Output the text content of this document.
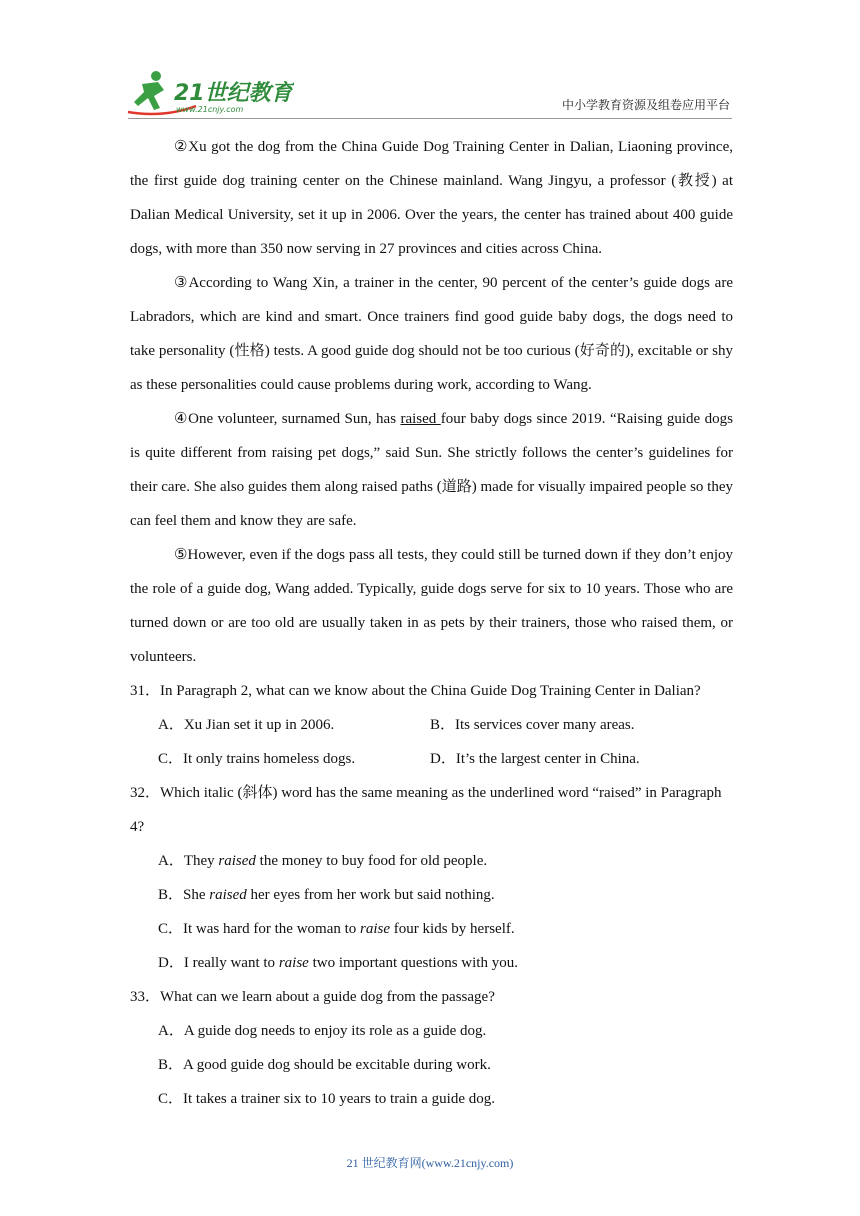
21世纪教育
www.21cnjy.com	中小学教育资源及组卷应用平台

②Xu got the dog from the China Guide Dog Training Center in Dalian, Liaoning province, the first guide dog training center on the Chinese mainland. Wang Jingyu, a professor (教授) at Dalian Medical University, set it up in 2006. Over the years, the center has trained about 400 guide dogs, with more than 350 now serving in 27 provinces and cities across China.

③According to Wang Xin, a trainer in the center, 90 percent of the center’s guide dogs are Labradors, which are kind and smart. Once trainers find good guide baby dogs, the dogs need to take personality (性格) tests. A good guide dog should not be too curious (好奇的), excitable or shy as these personalities could cause problems during work, according to Wang.

④One volunteer, surnamed Sun, has raised four baby dogs since 2019. “Raising guide dogs is quite different from raising pet dogs,” said Sun. She strictly follows the center’s guidelines for their care. She also guides them along raised paths (道路) made for visually impaired people so they can feel them and know they are safe.

⑤However, even if the dogs pass all tests, they could still be turned down if they don’t enjoy the role of a guide dog, Wang added. Typically, guide dogs serve for six to 10 years. Those who are turned down or are too old are usually taken in as pets by their trainers, those who raised them, or volunteers.

31．In Paragraph 2, what can we know about the China Guide Dog Training Center in Dalian?
A．Xu Jian set it up in 2006.	B．Its services cover many areas.
C．It only trains homeless dogs.	D．It’s the largest center in China.
32．Which italic (斜体) word has the same meaning as the underlined word “raised” in Paragraph 4?
A．They raised the money to buy food for old people.
B．She raised her eyes from her work but said nothing.
C．It was hard for the woman to raise four kids by herself.
D．I really want to raise two important questions with you.
33．What can we learn about a guide dog from the passage?
A．A guide dog needs to enjoy its role as a guide dog.
B．A good guide dog should be excitable during work.
C．It takes a trainer six to 10 years to train a guide dog.
21 世纪教育网(www.21cnjy.com)
